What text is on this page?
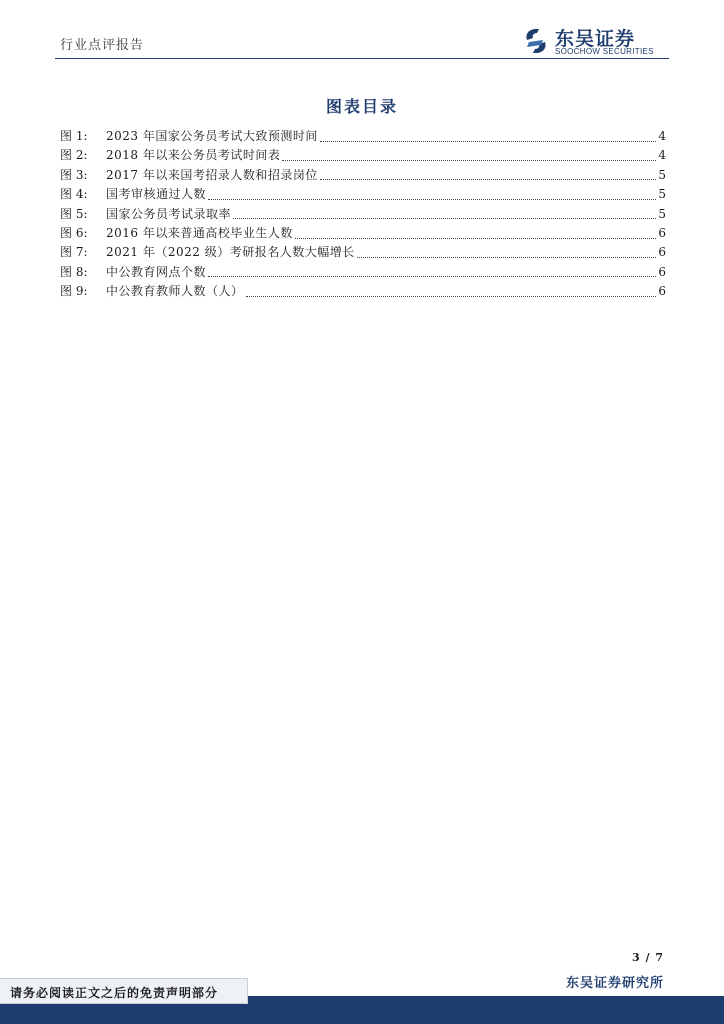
行业点评报告	东吴证券
SOOCHOW SECURITIES
图表目录
图 1:	2023 年国家公务员考试大致预测时间	4
图 2:	2018 年以来公务员考试时间表	4
图 3:	2017 年以来国考招录人数和招录岗位	5
图 4:	国考审核通过人数	5
图 5:	国家公务员考试录取率	5
图 6:	2016 年以来普通高校毕业生人数	6
图 7:	2021 年（2022 级）考研报名人数大幅增长	6
图 8:	中公教育网点个数	6
图 9:	中公教育教师人数（人）	6
3 / 7
东吴证券研究所
请务必阅读正文之后的免责声明部分
